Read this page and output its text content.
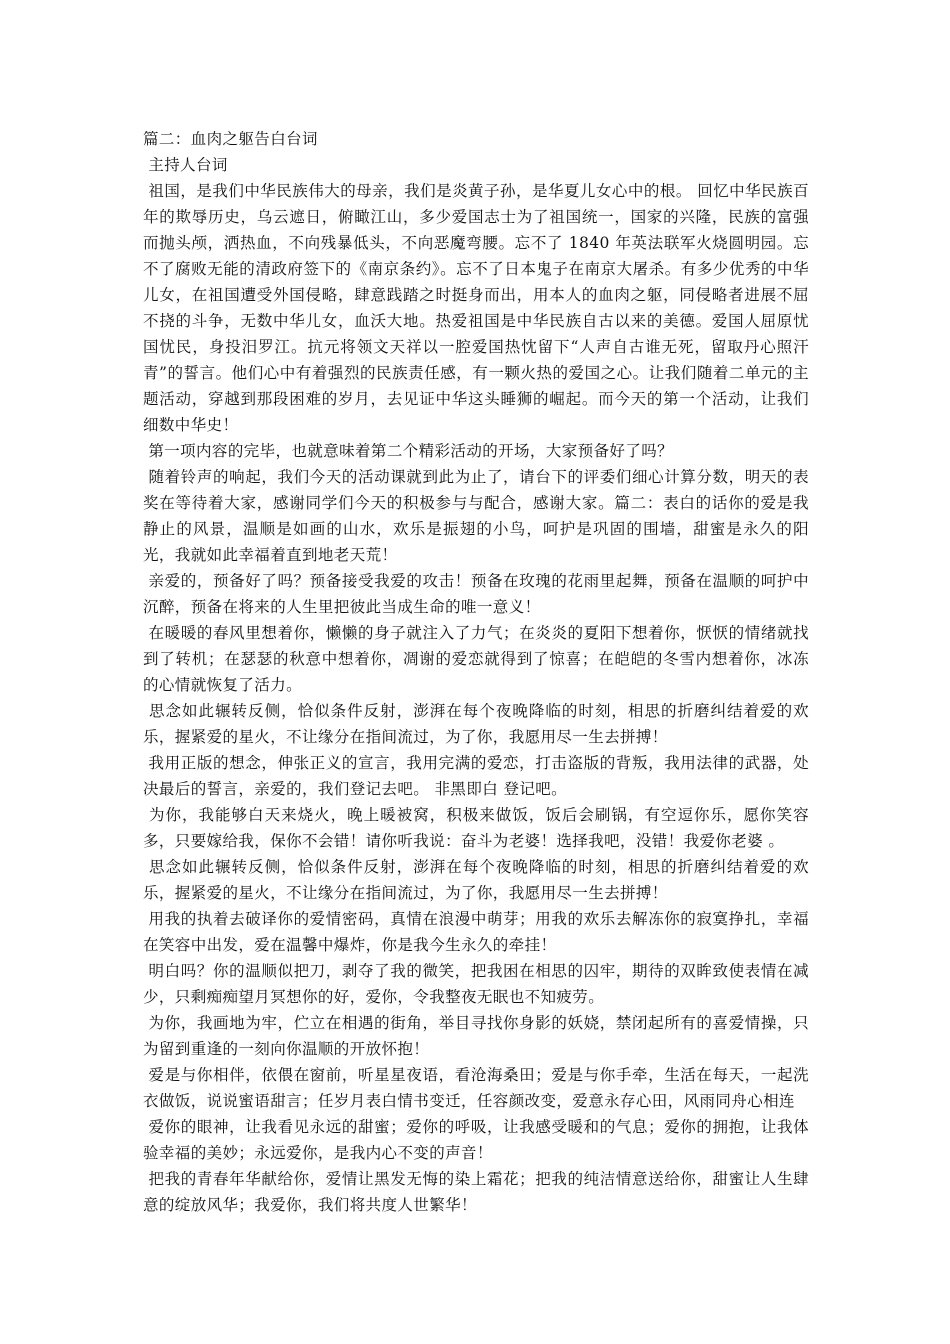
篇二：血肉之躯告白台词

主持人台词

祖国，是我们中华民族伟大的母亲，我们是炎黄子孙，是华夏儿女心中的根。 回忆中华民族百年的欺辱历史，乌云遮日，俯瞰江山，多少爱国志士为了祖国统一，国家的兴隆，民族的富强而抛头颅，洒热血，不向残暴低头，不向恶魔弯腰。忘不了 1840 年英法联军火烧圆明园。忘不了腐败无能的清政府签下的《南京条约》。忘不了日本鬼子在南京大屠杀。有多少优秀的中华儿女，在祖国遭受外国侵略，肆意践踏之时挺身而出，用本人的血肉之躯，同侵略者进展不屈不挠的斗争，无数中华儿女，血沃大地。热爱祖国是中华民族自古以来的美德。爱国人屈原忧国忧民，身投汨罗江。抗元将领文天祥以一腔爱国热忱留下“人声自古谁无死，留取丹心照汗青”的誓言。他们心中有着强烈的民族责任感，有一颗火热的爱国之心。让我们随着二单元的主题活动，穿越到那段困难的岁月，去见证中华这头睡狮的崛起。而今天的第一个活动，让我们细数中华史！

第一项内容的完毕，也就意味着第二个精彩活动的开场，大家预备好了吗？

随着铃声的响起，我们今天的活动课就到此为止了，请台下的评委们细心计算分数，明天的表奖在等待着大家，感谢同学们今天的积极参与与配合，感谢大家。篇二：表白的话你的爱是我静止的风景，温顺是如画的山水，欢乐是振翅的小鸟，呵护是巩固的围墙，甜蜜是永久的阳光，我就如此幸福着直到地老天荒！

亲爱的，预备好了吗？预备接受我爱的攻击！预备在玫瑰的花雨里起舞，预备在温顺的呵护中沉醉，预备在将来的人生里把彼此当成生命的唯一意义！

在暖暖的春风里想着你，懒懒的身子就注入了力气；在炎炎的夏阳下想着你，恹恹的情绪就找到了转机；在瑟瑟的秋意中想着你，凋谢的爱恋就得到了惊喜；在皑皑的冬雪内想着你，冰冻的心情就恢复了活力。

思念如此辗转反侧，恰似条件反射，澎湃在每个夜晚降临的时刻，相思的折磨纠结着爱的欢乐，握紧爱的星火，不让缘分在指间流过，为了你，我愿用尽一生去拼搏！

我用正版的想念，伸张正义的宣言，我用完满的爱恋，打击盗版的背叛，我用法律的武器，处决最后的誓言，亲爱的，我们登记去吧。 非黑即白 登记吧。

为你，我能够白天来烧火，晚上暖被窝，积极来做饭，饭后会刷锅，有空逗你乐，愿你笑容多，只要嫁给我，保你不会错！请你听我说：奋斗为老婆！选择我吧，没错！我爱你老婆 。

思念如此辗转反侧，恰似条件反射，澎湃在每个夜晚降临的时刻，相思的折磨纠结着爱的欢乐，握紧爱的星火，不让缘分在指间流过，为了你，我愿用尽一生去拼搏！

用我的执着去破译你的爱情密码，真情在浪漫中萌芽；用我的欢乐去解冻你的寂寞挣扎，幸福在笑容中出发，爱在温馨中爆炸，你是我今生永久的牵挂！

明白吗？你的温顺似把刀，剥夺了我的微笑，把我困在相思的囚牢，期待的双眸致使表情在减少，只剩痴痴望月冥想你的好，爱你，令我整夜无眠也不知疲劳。

为你，我画地为牢，伫立在相遇的街角，举目寻找你身影的妖娆，禁闭起所有的喜爱情操，只为留到重逢的一刻向你温顺的开放怀抱！

爱是与你相伴，依偎在窗前，听星星夜语，看沧海桑田；爱是与你手牵，生活在每天，一起洗衣做饭，说说蜜语甜言；任岁月表白情书变迁，任容颜改变，爱意永存心田，风雨同舟心相连

爱你的眼神，让我看见永远的甜蜜；爱你的呼吸，让我感受暖和的气息；爱你的拥抱，让我体验幸福的美妙；永远爱你，是我内心不变的声音！

把我的青春年华献给你，爱情让黑发无悔的染上霜花；把我的纯洁情意送给你，甜蜜让人生肆意的绽放风华；我爱你，我们将共度人世繁华！
